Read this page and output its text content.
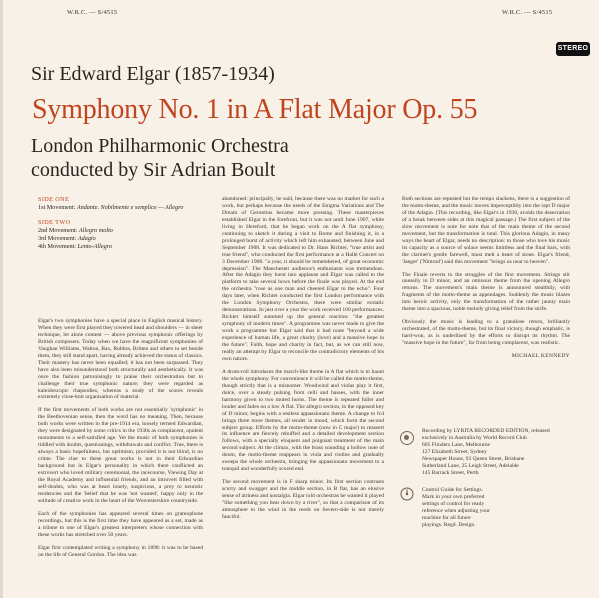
W.R.C. — S/4515	W.R.C. — S/4515
STEREO
Sir Edward Elgar (1857-1934)
Symphony No. 1 in A Flat Major Op. 55
London Philharmonic Orchestra
conducted by Sir Adrian Boult
SIDE ONE
1st Movement: Andante. Nobilmente e semplice — Allegro
SIDE TWO
2nd Movement: Allegro molto
3rd Movement: Adagio
4th Movement: Lento-Allegro

Elgar's two symphonies have a special place in English musical history. When they were first played they towered head and shoulders — in sheer technique, let alone content — above previous symphonic offerings by British composers. Today when we have the magnificent symphonies of Vaughan Williams, Walton, Bax, Rubbra, Britten and others to set beside them, they still stand apart, having already achieved the status of classics. Their mastery has never been equalled; it has not been surpassed. They have also been misunderstood both structurally and aesthetically. It was once the fashion patronisingly to praise their orchestration but to challenge their true symphonic nature; they were regarded as kaleidoscopic rhapsodies, whereas a study of the scores reveals extremely close-knit organisation of material.

If the first movements of both works are not essentially 'symphonic' in the Beethovenian sense, then the word has no meaning. Then, because both works were written in the pre-1914 era, loosely termed Edwardian, they were designated by some critics in the 1930s as complacent, opulent monuments to a self-satisfied age. Yet the music of both symphonies is riddled with doubts, questionings, withdrawals and conflict. True, there is always a basic hopefulness, but optimism, provided it is not blind, is no crime. The clue to these great works is not in their Edwardian background but in Elgar's personality in which there conflicted an extrovert who loved military ceremonial, the racecourse, Viewing Day at the Royal Academy and influential friends, and an introvert filled with self-doubts, who was at heart lonely, suspicious, a prey to neurotic tendencies and the 'belief that he was 'not wanted', happy only in the solitude of creative work in the heart of the Worcestershire countryside.

Each of the symphonies has appeared several times on gramophone recordings, but this is the first time they have appeared as a set, made as a tribute to one of Elgar's greatest interpreters whose connection with these works has stretched over 50 years.

Elgar first contemplated writing a symphony in 1898: it was to be based on the life of General Gordon. The idea was

abandoned: principally, he said, because there was no market for such a work, but perhaps because the needs of the Enigma Variations and The Dream of Gerontius became more pressing. These masterpieces established Elgar in the forefront, but it was not until June 1907, while living in Hereford, that he began work on the A flat symphony, continuing to sketch it during a visit to Rome and finishing it, in a prolonged burst of activity which left him exhausted, between June and September 1908. It was dedicated to Dr. Hans Richter, "true artist and true friend", who conducted the first performance at a Hallé Concert on 3 December 1908. "a year, it should be remembered, of great economic depression". The Manchester audience's enthusiasm was tremendous. After the Adagio they burst into applause and Elgar was called to the platform to take several bows before the finale was played. At the end the orchestra "rose as one man and cheered Elgar to the echo". Four days later, when Richter conducted the first London performance with the London Symphony Orchestra, there were similar ecstatic demonstrations. In just over a year the work received 100 performances. Richter himself summed up the general reaction: "the greatest symphony of modern times". A programme was never made to give the work a programme but Elgar said that it had none "beyond a wide experience of human life, a great charity (love) and a massive hope in the future". Faith, hope and charity in fact, but, as we can still now, really an attempt by Elgar to reconcile the contradictory elements of his own nature.

A drum-roll introduces the march-like theme in A flat which is to haunt the whole symphony. For convenience it will be called the motto-theme, though strictly that is a misnomer. Woodwind and violas play it first, dolce, over a steady pulsing from celli and basses, with the inner harmony given to two muted horns. The theme is repeated fuller and louder and fades on a low A flat. The allegro section, in the opposed key of D minor, begins with a restless appassionato theme. A change to 6/4 brings three more themes, all tender in mood, which form the second subject group. Efforts by the motto-theme (now in C major) to reassert its influence are fiercely rebuffed and a detailed development section follows, with a specially eloquent and poignant treatment of the main second subject. At the climax, with the brass sounding a hollow note of doom, the motto-theme reappears in viola and violins and gradually sweeps the whole orchestra, bringing the appassionato movement to a tranquil and wonderfully scored end.

The second movement is in F sharp minor. Its first section contrasts scurry and swagger and the middle section, in B flat, has an elusive sense of airiness and nostalgia. Elgar told orchestras he wanted it played "like something you hear down by a river", so that a comparison of its atmosphere to the wind in the reeds on Severn-side is not merely fanciful.

Both sections are repeated but the tempo slackens, there is a suggestion of the motto-theme, and the music moves imperceptibly into the rapt D major of the Adagio. (This recording, like Elgar's in 1930, avoids the desecration of a break between sides at this magical passage.) The first subject of the slow movement is note for note that of the main theme of the second movement, but the transformation is total. This glorious Adagio, in many ways the heart of Elgar, needs no description: to those who love his music its capacity as a source of solace seems limitless and the final bars, with the clarinet's gentle farewell, must melt a heart of stone. Elgar's friend, 'Jaeger' ('Nimrod') said this movement "brings us near to heaven".

The Finale reverts to the struggles of the first movement. Strings stir uneasily in D minor, and an ominous theme from the opening Allegro returns. The movement's main theme is announced stealthily, with fragments of the motto-theme as appendages. Suddenly the music blazes into heroic activity, only the transformation of the rather jaunty main theme into a spacious, noble melody giving relief from the strife.

Obviously the music is leading to a grandiose return, brilliantly orchestrated, of the motto-theme, but its final victory, though emphatic, is hard-won, as is underlined by the efforts to disrupt its rhythm. The "massive hope in the future", far from being complacent, was realistic.

MICHAEL KENNEDY
Recording by LYRITA RECORDED EDITION, released
exclusively in Australia by World Record Club
605 Flinders Lane, Melbourne
127 Elizabeth Street, Sydney
Newspaper House, 93 Queen Street, Brisbane
Sutherland Lane, 25 Leigh Street, Adelaide
145 Barrack Street, Perth
Control Guide for Settings.
Mark in your own preferred
settings of control for ready
reference when adjusting your
machine for all future
playings. Regd. Design.
